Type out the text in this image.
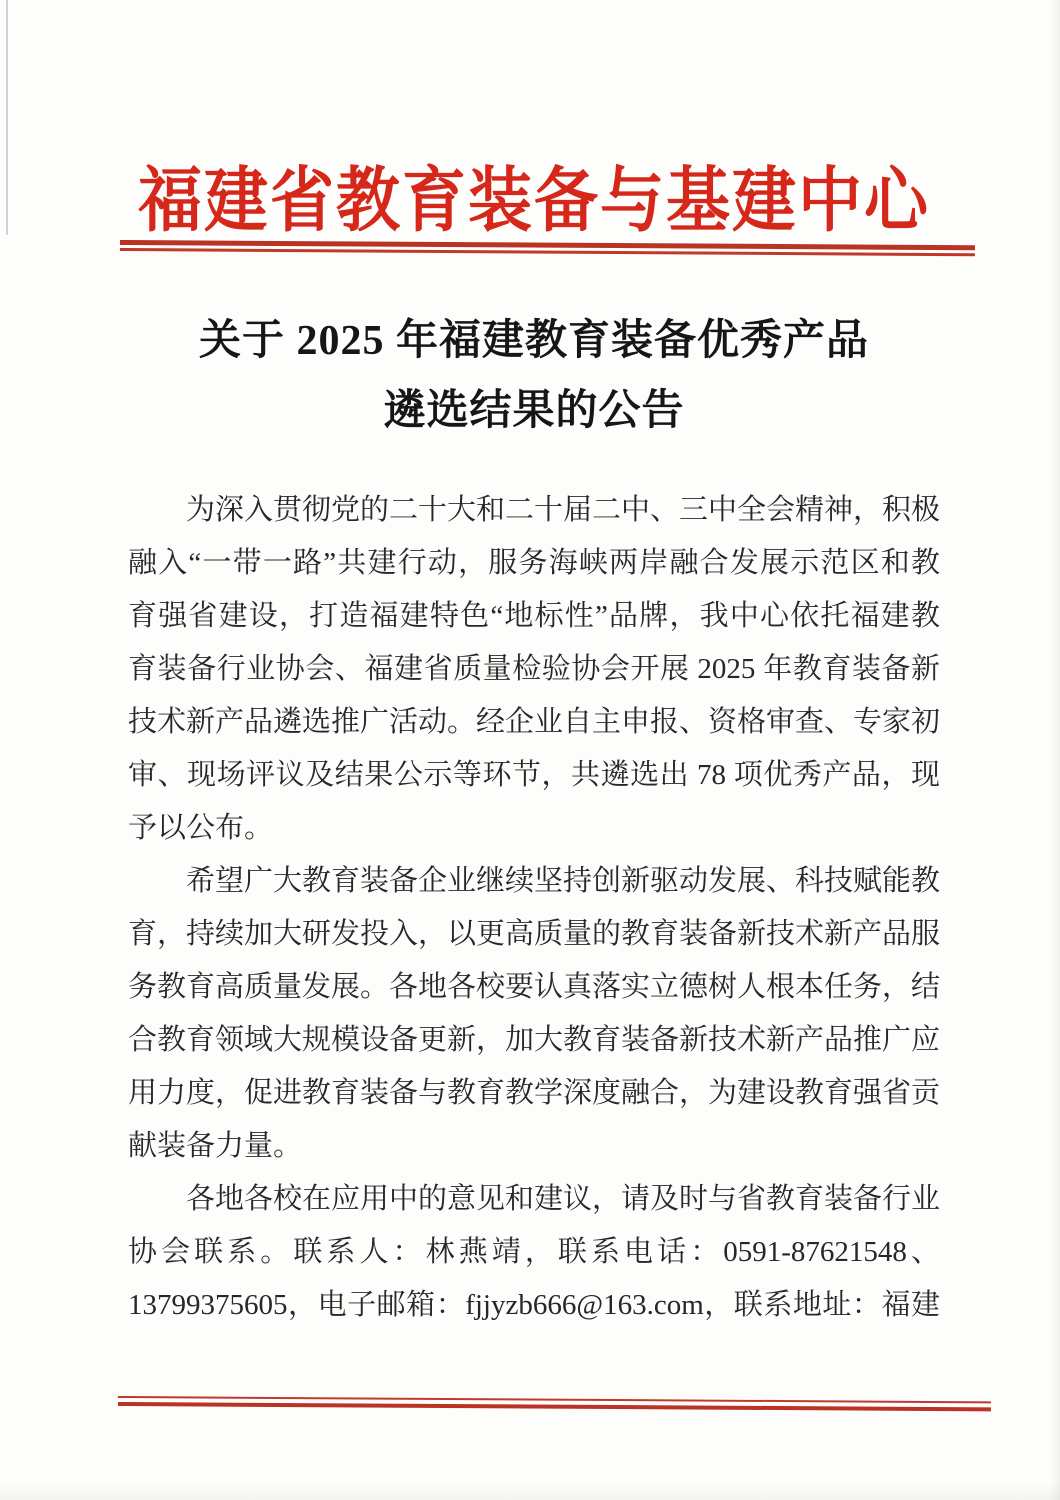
福建省教育装备与基建中心
关于 2025 年福建教育装备优秀产品
遴选结果的公告
为深入贯彻党的二十大和二十届二中、三中全会精神，积极
融入“一带一路”共建行动，服务海峡两岸融合发展示范区和教
育强省建设，打造福建特色“地标性”品牌，我中心依托福建教
育装备行业协会、福建省质量检验协会开展 2025 年教育装备新
技术新产品遴选推广活动。经企业自主申报、资格审查、专家初
审、现场评议及结果公示等环节，共遴选出 78 项优秀产品，现
予以公布。
希望广大教育装备企业继续坚持创新驱动发展、科技赋能教
育，持续加大研发投入，以更高质量的教育装备新技术新产品服
务教育高质量发展。各地各校要认真落实立德树人根本任务，结
合教育领域大规模设备更新，加大教育装备新技术新产品推广应
用力度，促进教育装备与教育教学深度融合，为建设教育强省贡
献装备力量。
各地各校在应用中的意见和建议，请及时与省教育装备行业
协会联系。联系人：林燕靖，联系电话：0591-87621548、
13799375605，电子邮箱：fjjyzb666@163.com，联系地址：福建
